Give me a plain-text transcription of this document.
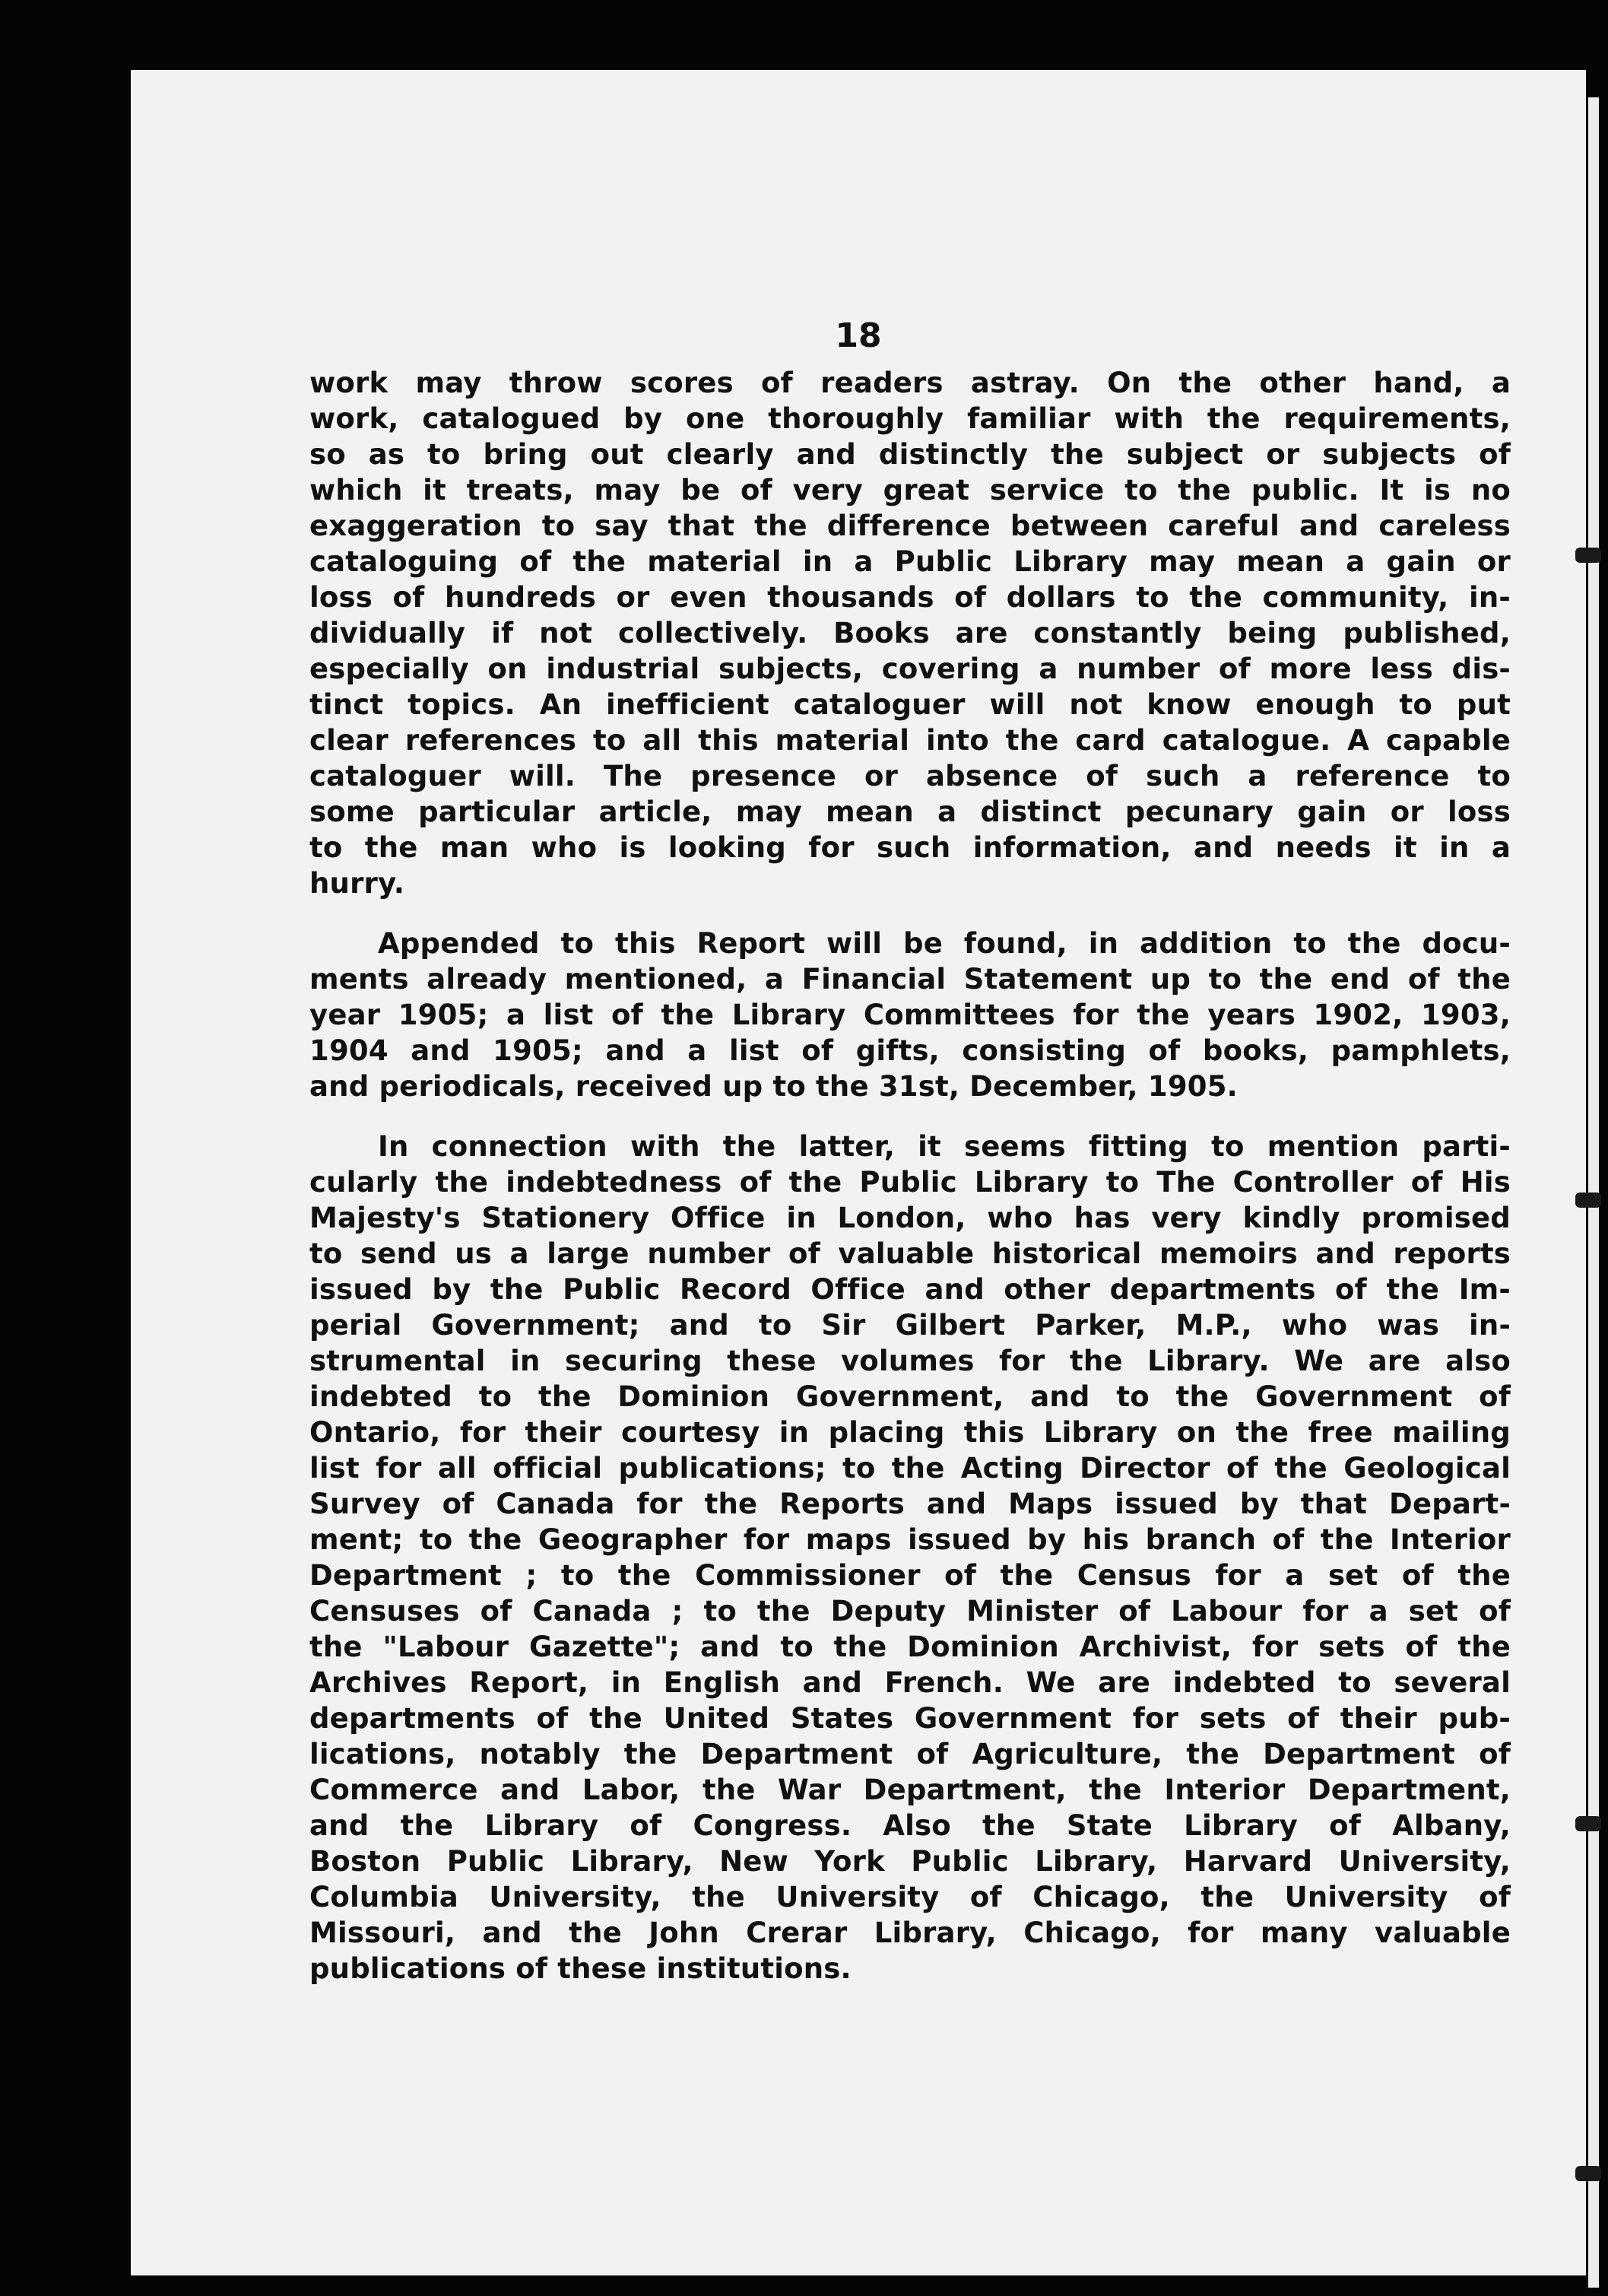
18
work may throw scores of readers astray. On the other hand, a
work, catalogued by one thoroughly familiar with the requirements,
so as to bring out clearly and distinctly the subject or subjects of
which it treats, may be of very great service to the public. It is no
exaggeration to say that the difference between careful and careless
cataloguing of the material in a Public Library may mean a gain or
loss of hundreds or even thousands of dollars to the community, in-
dividually if not collectively. Books are constantly being published,
especially on industrial subjects, covering a number of more less dis-
tinct topics. An inefficient cataloguer will not know enough to put
clear references to all this material into the card catalogue. A capable
cataloguer will. The presence or absence of such a reference to
some particular article, may mean a distinct pecunary gain or loss
to the man who is looking for such information, and needs it in a
hurry.
Appended to this Report will be found, in addition to the docu-
ments already mentioned, a Financial Statement up to the end of the
year 1905; a list of the Library Committees for the years 1902, 1903,
1904 and 1905; and a list of gifts, consisting of books, pamphlets,
and periodicals, received up to the 31st, December, 1905.
In connection with the latter, it seems fitting to mention parti-
cularly the indebtedness of the Public Library to The Controller of His
Majesty's Stationery Office in London, who has very kindly promised
to send us a large number of valuable historical memoirs and reports
issued by the Public Record Office and other departments of the Im-
perial Government; and to Sir Gilbert Parker, M.P., who was in-
strumental in securing these volumes for the Library. We are also
indebted to the Dominion Government, and to the Government of
Ontario, for their courtesy in placing this Library on the free mailing
list for all official publications; to the Acting Director of the Geological
Survey of Canada for the Reports and Maps issued by that Depart-
ment; to the Geographer for maps issued by his branch of the Interior
Department ; to the Commissioner of the Census for a set of the
Censuses of Canada ; to the Deputy Minister of Labour for a set of
the "Labour Gazette"; and to the Dominion Archivist, for sets of the
Archives Report, in English and French. We are indebted to several
departments of the United States Government for sets of their pub-
lications, notably the Department of Agriculture, the Department of
Commerce and Labor, the War Department, the Interior Department,
and the Library of Congress. Also the State Library of Albany,
Boston Public Library, New York Public Library, Harvard University,
Columbia University, the University of Chicago, the University of
Missouri, and the John Crerar Library, Chicago, for many valuable
publications of these institutions.
